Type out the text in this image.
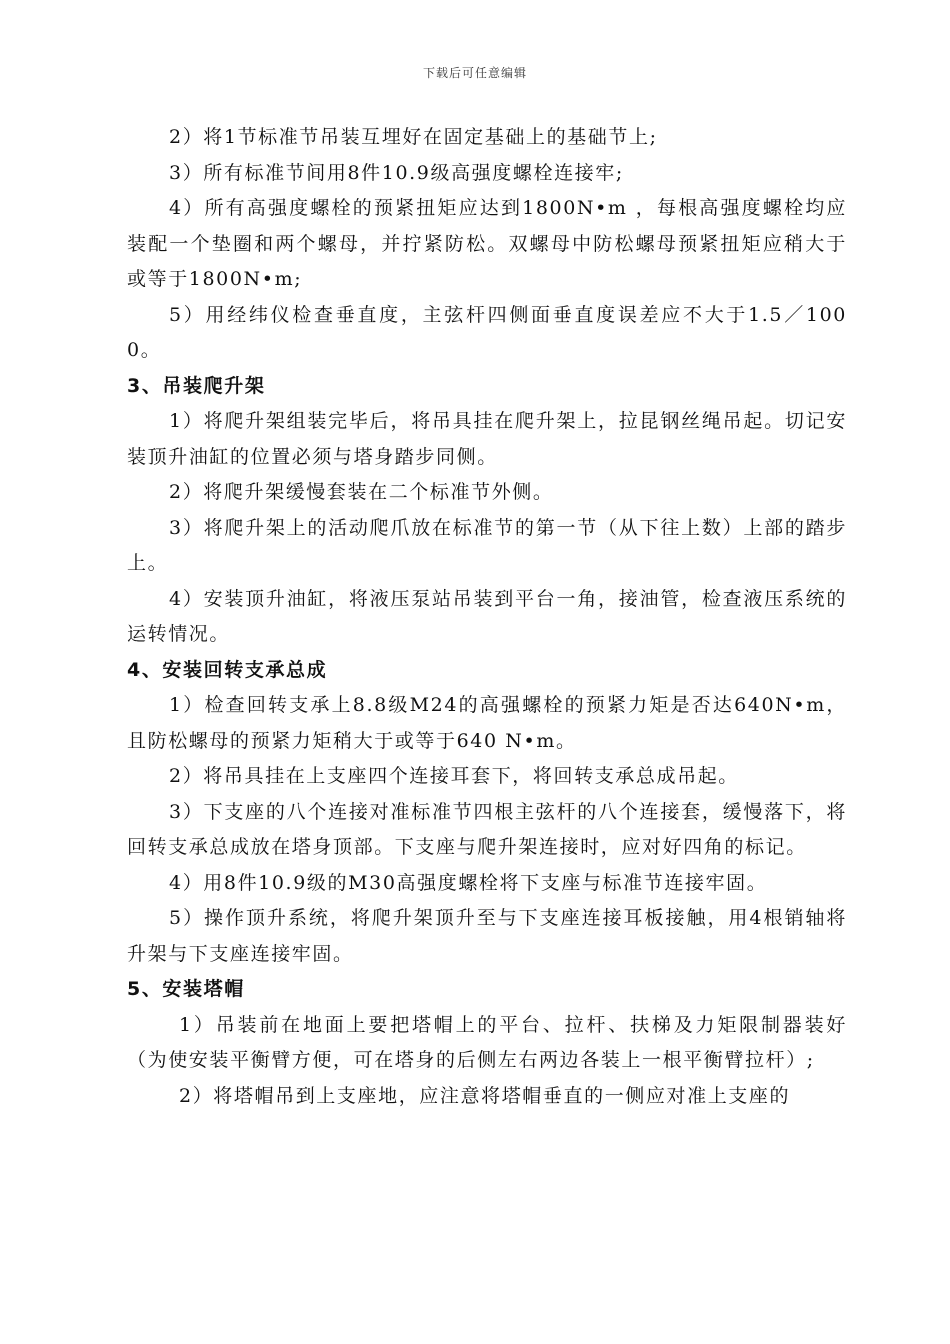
下载后可任意编辑

2）将1节标准节吊装互埋好在固定基础上的基础节上;

3）所有标准节间用8件10.9级高强度螺栓连接牢;

4）所有高强度螺栓的预紧扭矩应达到1800N•m ，每根高强度螺栓均应装配一个垫圈和两个螺母，并拧紧防松。双螺母中防松螺母预紧扭矩应稍大于或等于1800N•m;

5）用经纬仪检查垂直度，主弦杆四侧面垂直度误差应不大于1.5／1000。

3、吊装爬升架

1）将爬升架组装完毕后，将吊具挂在爬升架上，拉昆钢丝绳吊起。切记安装顶升油缸的位置必须与塔身踏步同侧。

2）将爬升架缓慢套装在二个标准节外侧。

3）将爬升架上的活动爬爪放在标准节的第一节（从下往上数）上部的踏步上。

4）安装顶升油缸，将液压泵站吊装到平台一角，接油管，检查液压系统的运转情况。

4、安装回转支承总成

1）检查回转支承上8.8级M24的高强螺栓的预紧力矩是否达640N•m，且防松螺母的预紧力矩稍大于或等于640 N•m。

2）将吊具挂在上支座四个连接耳套下，将回转支承总成吊起。

3）下支座的八个连接对准标准节四根主弦杆的八个连接套，缓慢落下，将回转支承总成放在塔身顶部。下支座与爬升架连接时，应对好四角的标记。

4）用8件10.9级的M30高强度螺栓将下支座与标准节连接牢固。

5）操作顶升系统，将爬升架顶升至与下支座连接耳板接触，用4根销轴将升架与下支座连接牢固。

5、安装塔帽

1）吊装前在地面上要把塔帽上的平台、拉杆、扶梯及力矩限制器装好（为使安装平衡臂方便，可在塔身的后侧左右两边各装上一根平衡臂拉杆）;

2）将塔帽吊到上支座地，应注意将塔帽垂直的一侧应对准上支座的
